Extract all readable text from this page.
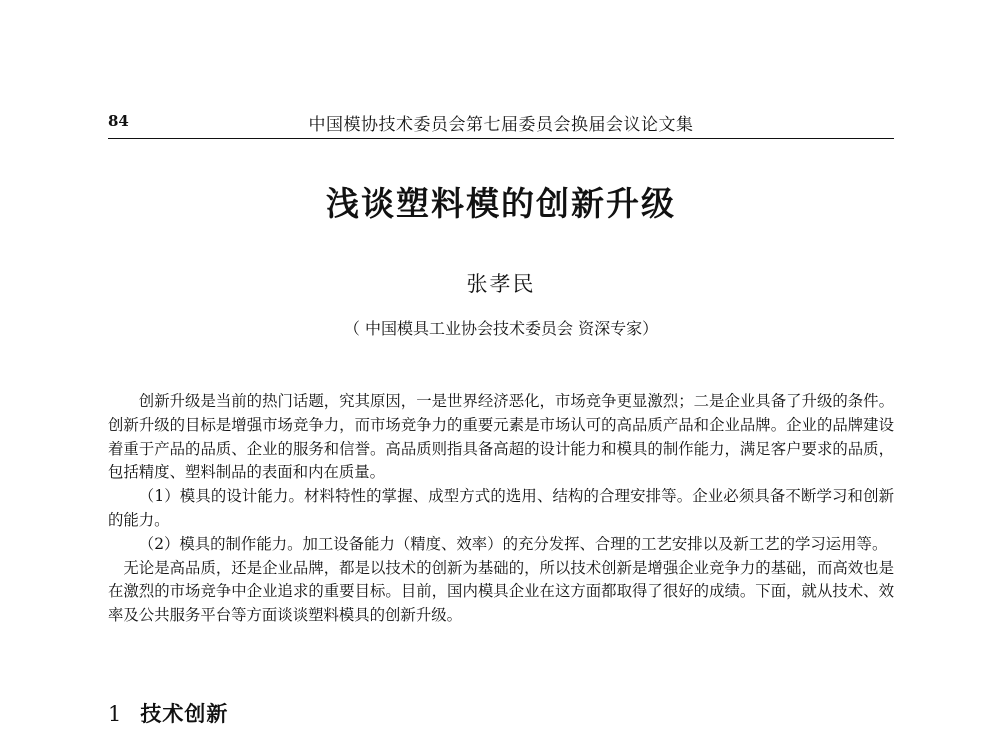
84	中国模协技术委员会第七届委员会换届会议论文集
浅谈塑料模的创新升级
张孝民
（ 中国模具工业协会技术委员会 资深专家）

创新升级是当前的热门话题，究其原因，一是世界经济恶化，市场竞争更显激烈；二是企业具备了升级的条件。创新升级的目标是增强市场竞争力，而市场竞争力的重要元素是市场认可的高品质产品和企业品牌。企业的品牌建设着重于产品的品质、企业的服务和信誉。高品质则指具备高超的设计能力和模具的制作能力，满足客户要求的品质，包括精度、塑料制品的表面和内在质量。

（1）模具的设计能力。材料特性的掌握、成型方式的选用、结构的合理安排等。企业必须具备不断学习和创新的能力。

（2）模具的制作能力。加工设备能力（精度、效率）的充分发挥、合理的工艺安排以及新工艺的学习运用等。

无论是高品质，还是企业品牌，都是以技术的创新为基础的，所以技术创新是增强企业竞争力的基础，而高效也是在激烈的市场竞争中企业追求的重要目标。目前，国内模具企业在这方面都取得了很好的成绩。下面，就从技术、效率及公共服务平台等方面谈谈塑料模具的创新升级。

1 技术创新
